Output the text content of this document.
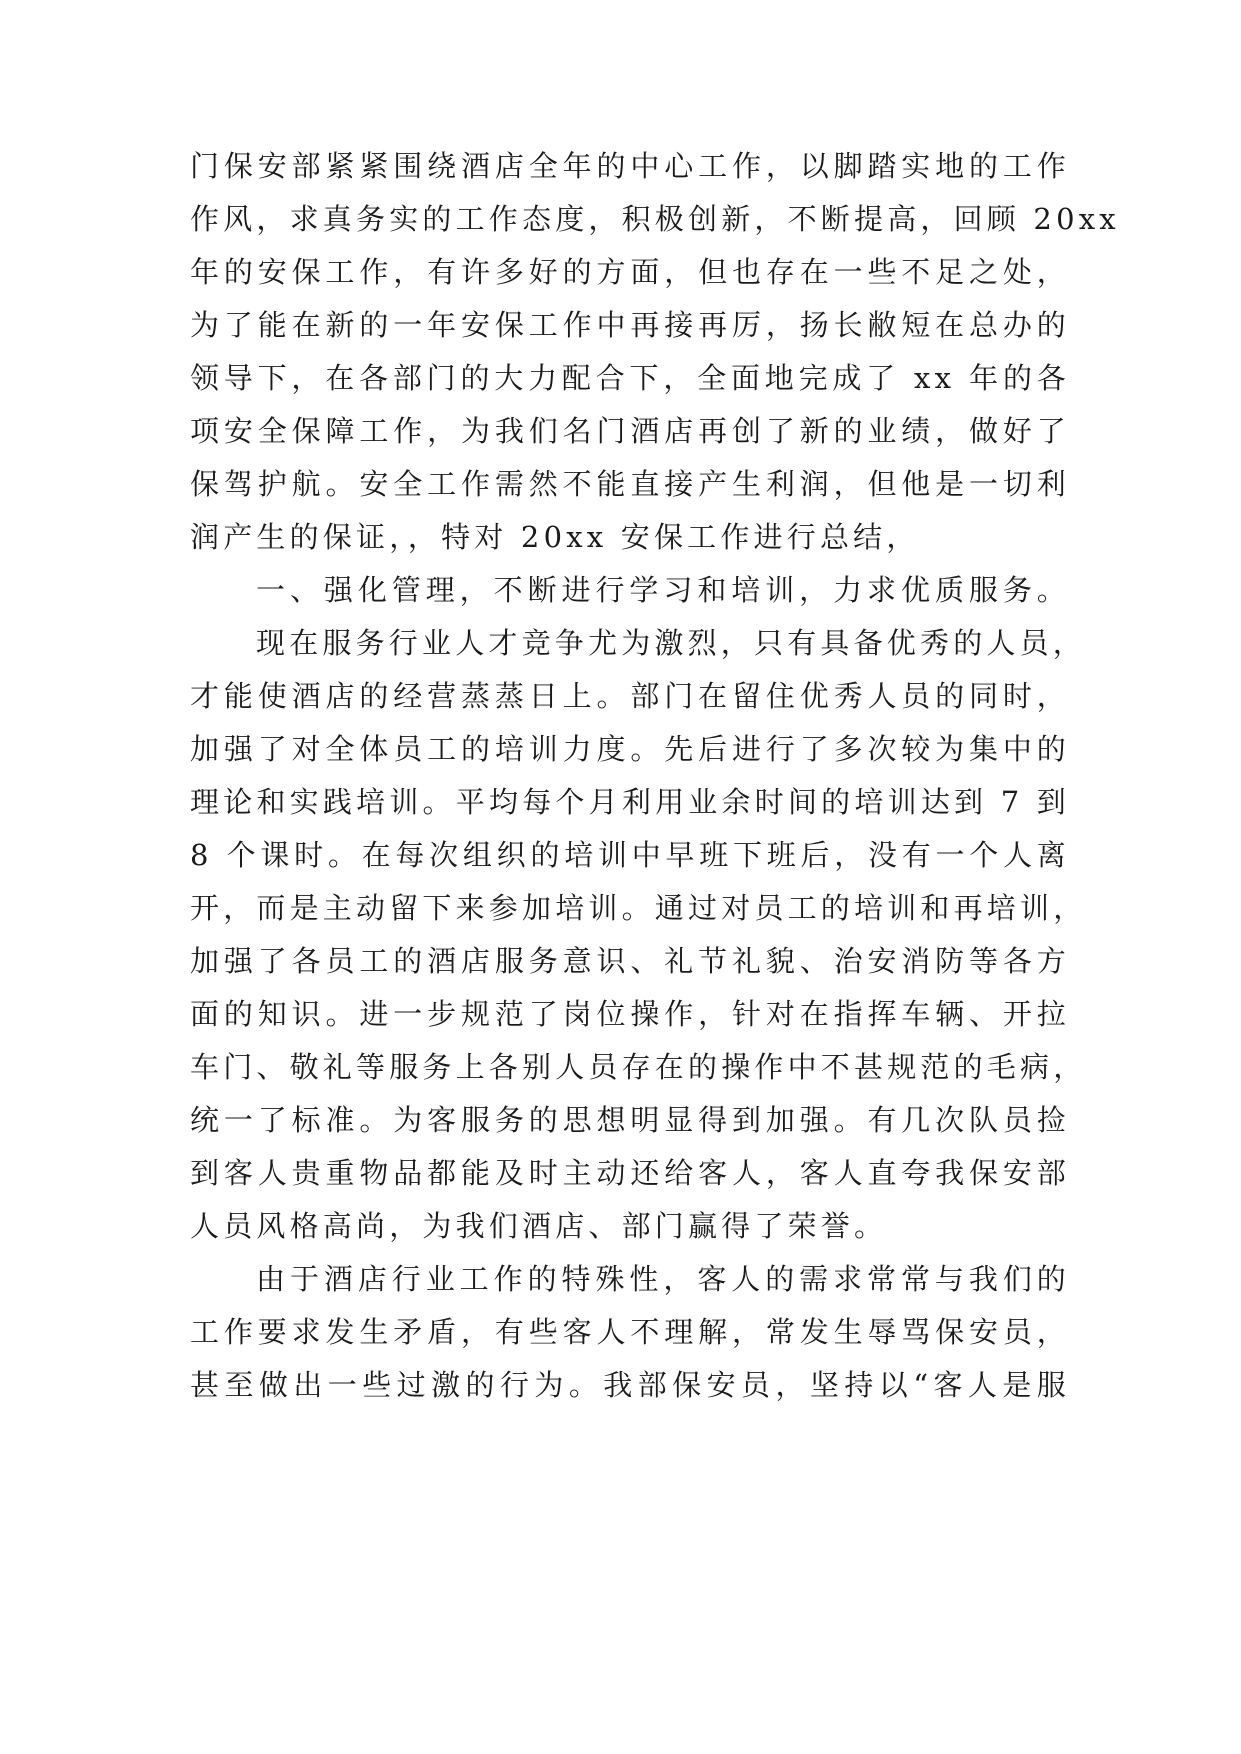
门保安部紧紧围绕酒店全年的中心工作，以脚踏实地的工作
作风，求真务实的工作态度，积极创新，不断提高，回顾 20xx
年的安保工作，有许多好的方面，但也存在一些不足之处，
为了能在新的一年安保工作中再接再厉，扬长敝短在总办的
领导下，在各部门的大力配合下，全面地完成了 xx 年的各
项安全保障工作，为我们名门酒店再创了新的业绩，做好了
保驾护航。安全工作需然不能直接产生利润，但他是一切利
润产生的保证，，特对 20xx 安保工作进行总结，
一、强化管理，不断进行学习和培训，力求优质服务。
现在服务行业人才竞争尤为激烈，只有具备优秀的人员，
才能使酒店的经营蒸蒸日上。部门在留住优秀人员的同时，
加强了对全体员工的培训力度。先后进行了多次较为集中的
理论和实践培训。平均每个月利用业余时间的培训达到 7 到
8 个课时。在每次组织的培训中早班下班后，没有一个人离
开，而是主动留下来参加培训。通过对员工的培训和再培训，
加强了各员工的酒店服务意识、礼节礼貌、治安消防等各方
面的知识。进一步规范了岗位操作，针对在指挥车辆、开拉
车门、敬礼等服务上各别人员存在的操作中不甚规范的毛病，
统一了标准。为客服务的思想明显得到加强。有几次队员捡
到客人贵重物品都能及时主动还给客人，客人直夸我保安部
人员风格高尚，为我们酒店、部门赢得了荣誉。
由于酒店行业工作的特殊性，客人的需求常常与我们的
工作要求发生矛盾，有些客人不理解，常发生辱骂保安员，
甚至做出一些过激的行为。我部保安员，坚持以“客人是服
